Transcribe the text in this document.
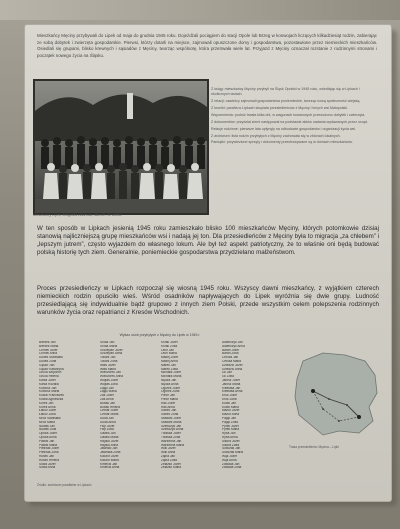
Mieszkańcy Męciny przybywali do Lipek od maja do grudnia 1945 roku. Dojeżdżali pociągiem do stacji Opole lub Brzeg w konwojach liczących kilkadziesiąt rodzin, zabierając ze sobą dobytek i zwierzęta gospodarskie. Pierwsi, którzy dotarli na miejsce, zajmowali opuszczone domy i gospodarstwa, pozostawione przez niemieckich mieszkańców. Osiedlali się grupami, blisko krewnych i sąsiadów z Męciny, tworząc wspólnotę, która przetrwała wiele lat. Przyjazd z Męciny oznaczał rozstanie z rodzinnymi stronami i początek nowego życia na Śląsku.

Mieszkańcy Lipek, fotografia zbiorowa, lata 40. XX wieku.

Z ksiąg: mieszkańcy Męciny przybyli na Śląsk Opolski w 1945 roku, osiedlając się w Lipkach i okolicznych wsiach.
Z relacji: osadnicy zajmowali gospodarstwa poniemieckie, tworząc nową społeczność wiejską.
Z kroniki: parafia w Lipkach skupiała przesiedleńców z Męciny i innych wsi Małopolski.
Wspomnienia: podróż trwała kilka dni, w wagonach towarowych przewożono dobytek i zwierzęta.
Z dokumentów: przydział ziemi następował na podstawie aktów nadania wydawanych przez urząd.
Relacje rodzinne: pierwsze lata upłynęły na odbudowie gospodarstw i organizacji życia wsi.
Z archiwum: lista rodzin przybyłych z Męciny zachowała się w zbiorach lokalnych.
Pamiątki: przywiezione sprzęty i dokumenty przechowywane są w domach mieszkańców.

W ten sposób w Lipkach jesienią 1945 roku zamieszkało blisko 100 mieszkańców Męciny, których potomkowie dzisiaj stanowią najliczniejszą grupę mieszkańców wsi i nadają jej ton. Dla przesiedleńców z Męciny była to migracja „za chlebem” i „lepszym jutrem”, często wyjazdem do własnego lokum. Ale był też aspekt patriotyczny, że to właśnie oni będą budować polską historię tych ziem. Generalnie, poniemieckie gospodarstwa przydzielano małżeństwom.

Proces przesiedleńczy w Lipkach rozpoczął się wiosną 1945 roku. Wszyscy dawni mieszkańcy, z wyjątkiem czterech niemieckich rodzin opuściło wieś. Wśród osadników napływających do Lipek wyróżnia się dwie grupy. Ludność przesiedlającą się indywidualnie bądź grupowo z innych ziem Polski, przede wszystkim celem polepszenia rodzinnych warunków życia oraz repatrianci z Kresów Wschodnich.

Wykaz osób przybyłych z Męciny do Lipek w 1945 r.

Bieniek Jan
Bieniek Maria
Chmiel Józef
Chmiel Anna
Dudek Stanisław
Dudek Zofia
Gąsior Jan
Gąsior Katarzyna
Gruca Wojciech
Gruca Helena
Kania Józef
Kania Rozalia
Kolbusz Jan
Kolbusz Maria
Kowal Franciszek
Kowal Agnieszka
Kurek Jan
Kurek Anna
Łabuz Józef
Łabuz Zofia
Mróz Stanisław
Mróz Maria
Nowak Jan
Nowak Julia
Opoka Józef
Opoka Anna
Pawlik Jan
Pawlik Maria
Pietrzak Józef
Pietrzak Zofia
Rusek Jan
Rusek Helena
Sowa Józef
Sowa Anna
Sroka Jan
Sroka Maria
Szczepan Józef
Szczepan Anna
Tokarz Jan
Tokarz Zofia
Wais Józef
Wais Maria
Wieczorek Jan
Wieczorek Anna
Wojtas Józef
Wojtas Zofia
Zając Jan
Zając Maria
Żak Józef
Żak Anna
Bobak Jan
Bobak Helena
Cetnar Józef
Cetnar Maria
Duda Jan
Duda Anna
Filip Józef
Filip Zofia
Gawlik Jan
Gawlik Maria
Hajduk Józef
Hajduk Anna
Jasiński Jan
Jasińska Zofia
Kaczor Józef
Kaczor Maria
Kmiecik Jan
Kmiecik Anna
Krzak Józef
Krzak Zofia
Lech Jan
Lech Maria
Madej Józef
Madej Anna
Marek Jan
Marek Zofia
Michalik Józef
Michalik Maria
Nędza Jan
Nędza Anna
Ogórek Józef
Ogórek Zofia
Piech Jan
Piech Maria
Rak Józef
Rak Anna
Siwiec Jan
Siwiec Zofia
Stawarz Józef
Stawarz Maria
Szewczyk Jan
Szewczyk Anna
Trzaska Józef
Trzaska Zofia
Warzecha Jan
Warzecha Maria
Wilk Józef
Wilk Anna
Zięba Jan
Zięba Zofia
Żelazko Józef
Żelazko Maria
Adamczyk Jan
Adamczyk Anna
Baran Józef
Baran Zofia
Cebula Jan
Cebula Maria
Dziedzic Józef
Dziedzic Anna
Gil Jan
Gil Zofia
Jarosz Józef
Jarosz Maria
Kiełbasa Jan
Kiełbasa Anna
Kruk Józef
Kruk Zofia
Kubik Jan
Kubik Maria
Mazur Józef
Mazur Anna
Pająk Jan
Pająk Zofia
Pyrek Józef
Pyrek Maria
Ryba Jan
Ryba Anna
Sikora Józef
Sikora Zofia
Sobczak Jan
Sobczak Maria
Wąs Józef
Wąs Anna
Zawada Jan
Zawada Zofia

Źródło: archiwum parafialne w Lipkach.

Trasa przesiedlenia: Męcina – Lipki
